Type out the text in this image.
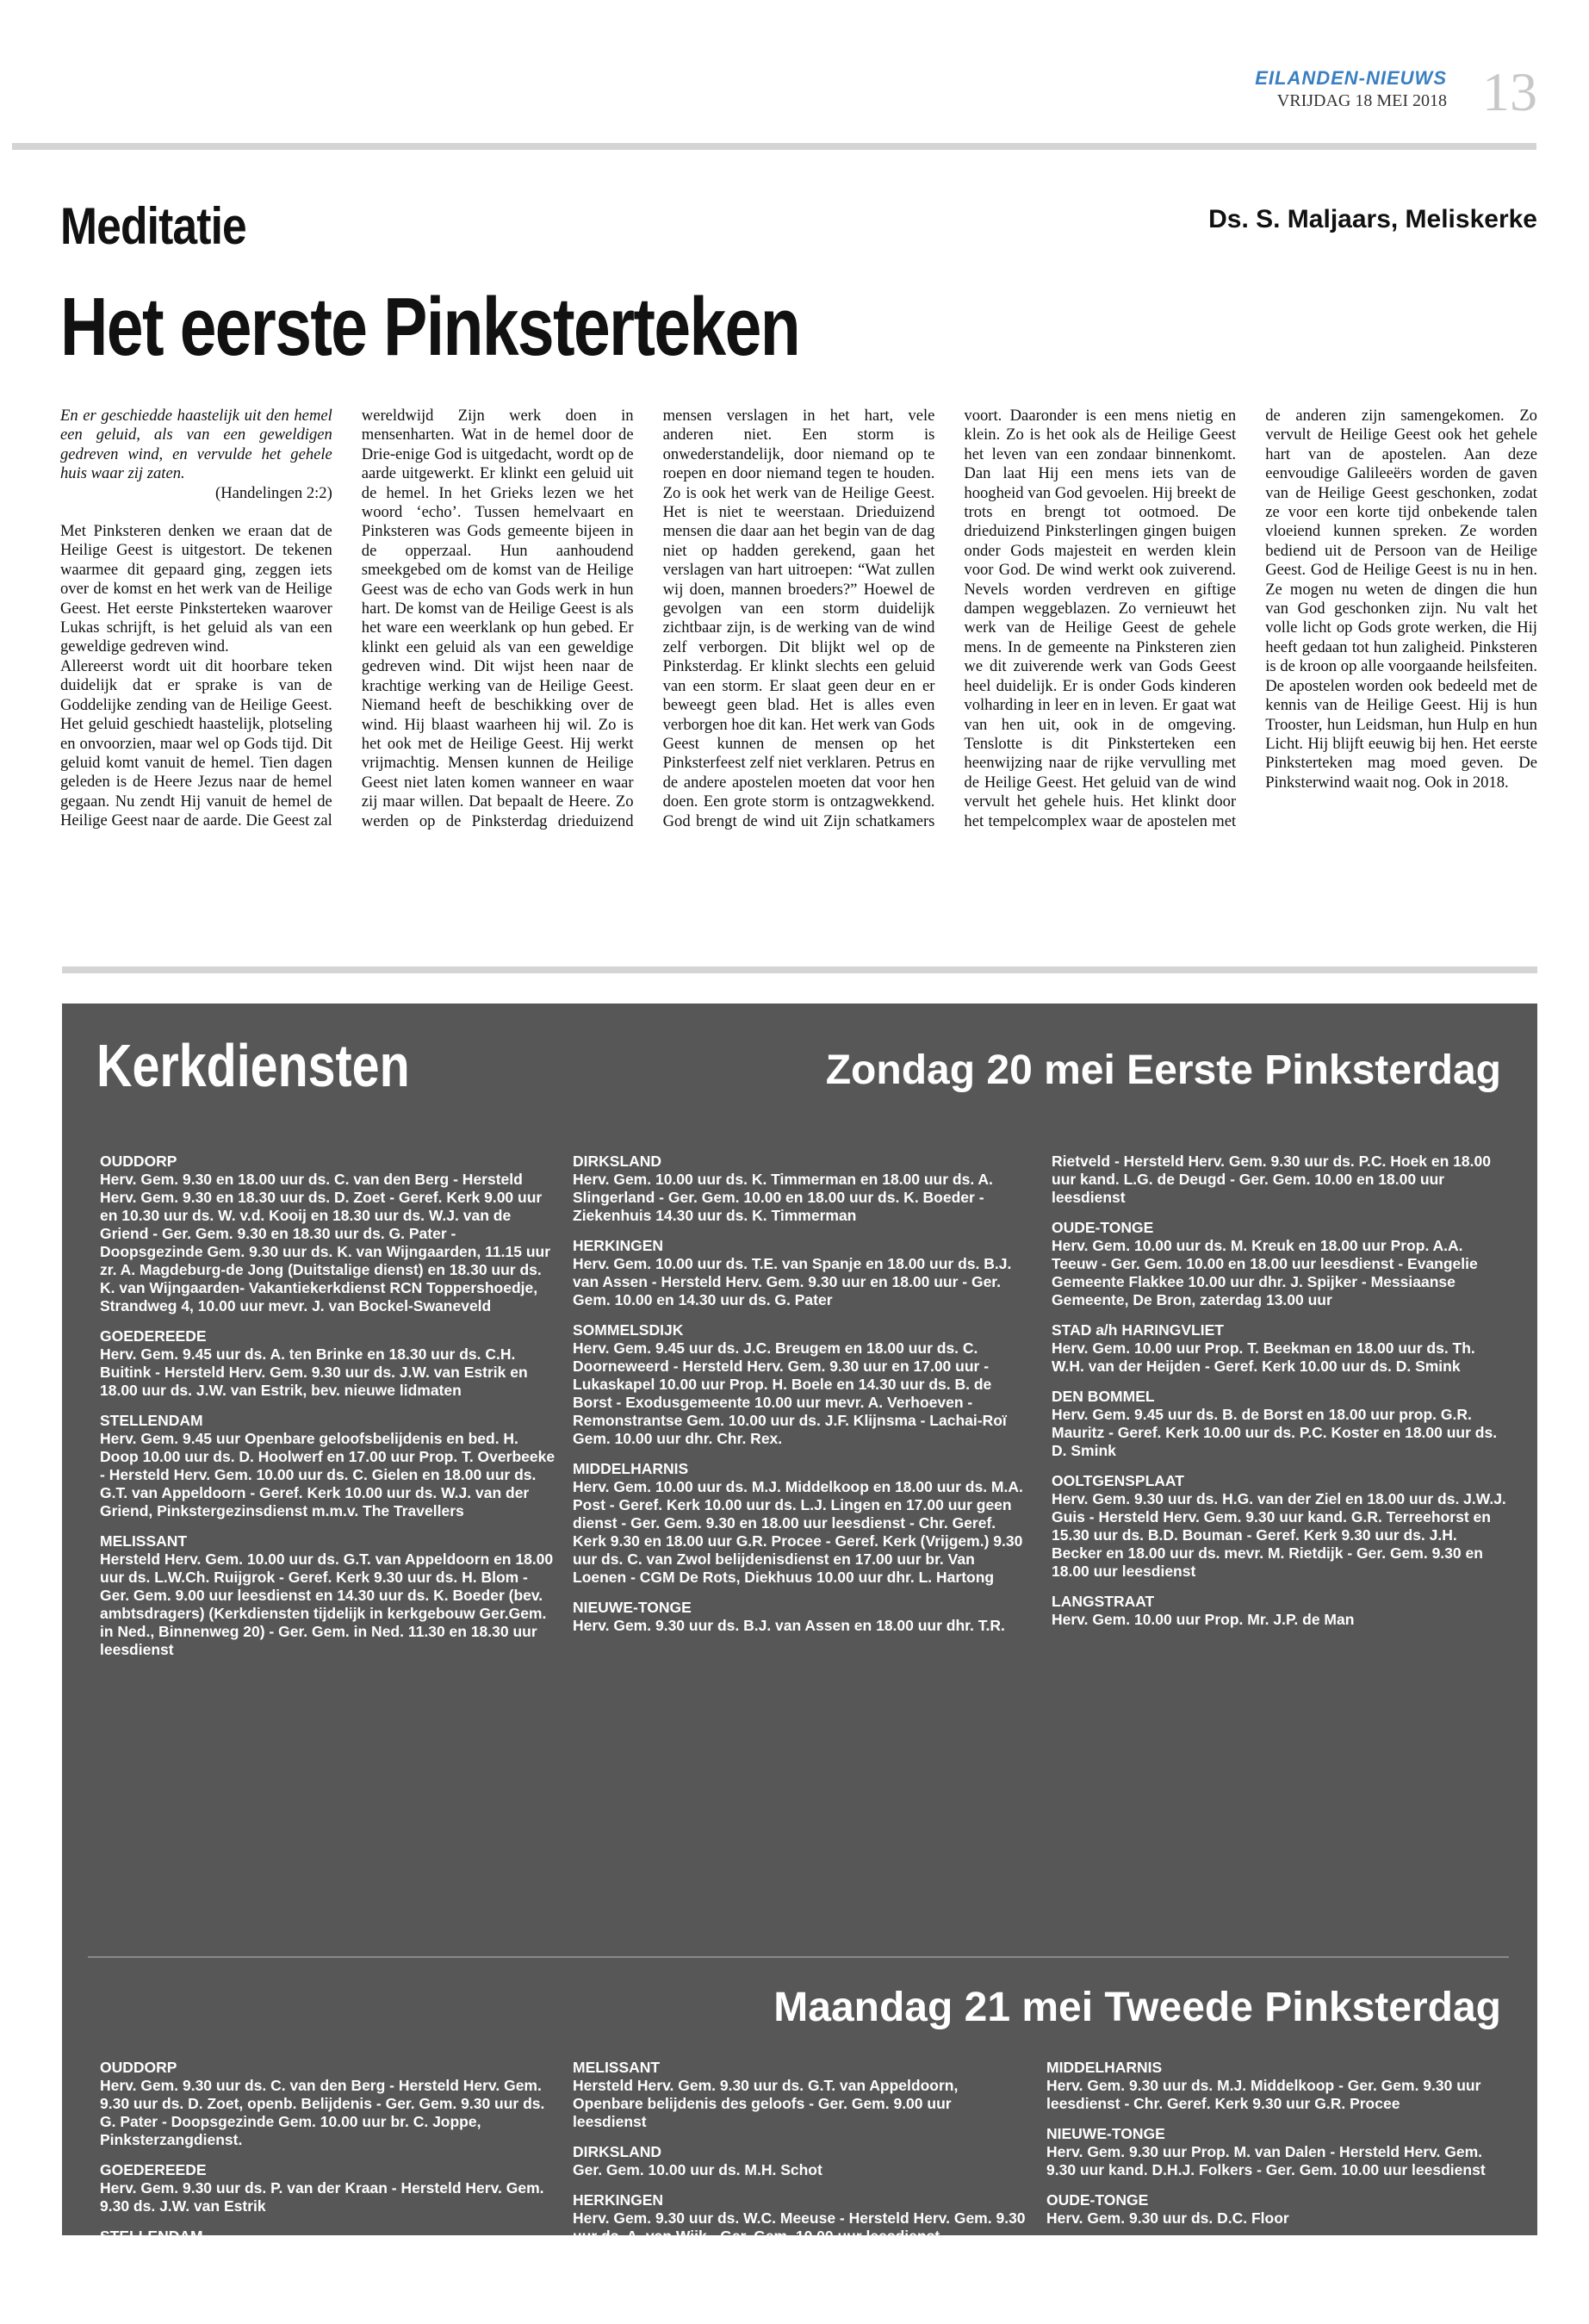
EILANDEN-NIEUWS
VRIJDAG 18 MEI 2018 13
Meditatie	Ds. S. Maljaars, Meliskerke
Het eerste Pinksterteken

En er geschiedde haastelijk uit den hemel een geluid, als van een geweldigen gedreven wind, en vervulde het gehele huis waar zij zaten.

(Handelingen 2:2)

Met Pinksteren denken we eraan dat de Heilige Geest is uitgestort. De tekenen waarmee dit gepaard ging, zeggen iets over de komst en het werk van de Heilige Geest. Het eerste Pinksterteken waarover Lukas schrijft, is het geluid als van een geweldige gedreven wind.

Allereerst wordt uit dit hoorbare teken duidelijk dat er sprake is van de Goddelijke zending van de Heilige Geest. Het geluid geschiedt haastelijk, plotseling en onvoorzien, maar wel op Gods tijd. Dit geluid komt vanuit de hemel. Tien dagen geleden is de Heere Jezus naar de hemel gegaan. Nu zendt Hij vanuit de hemel de Heilige Geest naar de aarde. Die Geest zal wereldwijd Zijn werk doen in mensenharten. Wat in de hemel door de Drie-enige God is uitgedacht, wordt op de aarde uitgewerkt. Er klinkt een geluid uit de hemel. In het Grieks lezen we het woord ‘echo’. Tussen hemelvaart en Pinksteren was Gods gemeente bijeen in de opperzaal. Hun aanhoudend smeekgebed om de komst van de Heilige Geest was de echo van Gods werk in hun hart. De komst van de Heilige Geest is als het ware een weerklank op hun gebed. Er klinkt een geluid als van een geweldige gedreven wind. Dit wijst heen naar de krachtige werking van de Heilige Geest. Niemand heeft de beschikking over de wind. Hij blaast waarheen hij wil. Zo is het ook met de Heilige Geest. Hij werkt vrijmachtig. Mensen kunnen de Heilige Geest niet laten komen wanneer en waar zij maar willen. Dat bepaalt de Heere. Zo werden op de Pinksterdag drieduizend mensen verslagen in het hart, vele anderen niet. Een storm is onwederstandelijk, door niemand op te roepen en door niemand tegen te houden. Zo is ook het werk van de Heilige Geest. Het is niet te weerstaan. Drieduizend mensen die daar aan het begin van de dag niet op hadden gerekend, gaan het verslagen van hart uitroepen: “Wat zullen wij doen, mannen broeders?” Hoewel de gevolgen van een storm duidelijk zichtbaar zijn, is de werking van de wind zelf verborgen. Dit blijkt wel op de Pinksterdag. Er klinkt slechts een geluid van een storm. Er slaat geen deur en er beweegt geen blad. Het is alles even verborgen hoe dit kan. Het werk van Gods Geest kunnen de mensen op het Pinksterfeest zelf niet verklaren. Petrus en de andere apostelen moeten dat voor hen doen. Een grote storm is ontzagwekkend. God brengt de wind uit Zijn schatkamers voort. Daaronder is een mens nietig en klein. Zo is het ook als de Heilige Geest het leven van een zondaar binnenkomt. Dan laat Hij een mens iets van de hoogheid van God gevoelen. Hij breekt de trots en brengt tot ootmoed. De drieduizend Pinksterlingen gingen buigen onder Gods majesteit en werden klein voor God. De wind werkt ook zuiverend. Nevels worden verdreven en giftige dampen weggeblazen. Zo vernieuwt het werk van de Heilige Geest de gehele mens. In de gemeente na Pinksteren zien we dit zuiverende werk van Gods Geest heel duidelijk. Er is onder Gods kinderen volharding in leer en in leven. Er gaat wat van hen uit, ook in de omgeving. Tenslotte is dit Pinksterteken een heenwijzing naar de rijke vervulling met de Heilige Geest. Het geluid van de wind vervult het gehele huis. Het klinkt door het tempelcomplex waar de apostelen met de anderen zijn samengekomen. Zo vervult de Heilige Geest ook het gehele hart van de apostelen. Aan deze eenvoudige Galileeërs worden de gaven van de Heilige Geest geschonken, zodat ze voor een korte tijd onbekende talen vloeiend kunnen spreken. Ze worden bediend uit de Persoon van de Heilige Geest. God de Heilige Geest is nu in hen. Ze mogen nu weten de dingen die hun van God geschonken zijn. Nu valt het volle licht op Gods grote werken, die Hij heeft gedaan tot hun zaligheid. Pinksteren is de kroon op alle voorgaande heilsfeiten. De apostelen worden ook bedeeld met de kennis van de Heilige Geest. Hij is hun Trooster, hun Leidsman, hun Hulp en hun Licht. Hij blijft eeuwig bij hen. Het eerste Pinksterteken mag moed geven. De Pinksterwind waait nog. Ook in 2018.

Kerkdiensten	Zondag 20 mei Eerste Pinksterdag
OUDDORP
Herv. Gem. 9.30 en 18.00 uur ds. C. van den Berg - Hersteld Herv. Gem. 9.30 en 18.30 uur ds. D. Zoet - Geref. Kerk 9.00 uur en 10.30 uur ds. W. v.d. Kooij en 18.30 uur ds. W.J. van de Griend - Ger. Gem. 9.30 en 18.30 uur ds. G. Pater - Doopsgezinde Gem. 9.30 uur ds. K. van Wijngaarden, 11.15 uur zr. A. Magdeburg-de Jong (Duitstalige dienst) en 18.30 uur ds. K. van Wijngaarden- Vakantiekerkdienst RCN Toppershoedje, Strandweg 4, 10.00 uur mevr. J. van Bockel-Swaneveld
GOEDEREEDE
Herv. Gem. 9.45 uur ds. A. ten Brinke en 18.30 uur ds. C.H. Buitink - Hersteld Herv. Gem. 9.30 uur ds. J.W. van Estrik en 18.00 uur ds. J.W. van Estrik, bev. nieuwe lidmaten
STELLENDAM
Herv. Gem. 9.45 uur Openbare geloofsbelijdenis en bed. H. Doop 10.00 uur ds. D. Hoolwerf en 17.00 uur Prop. T. Overbeeke - Hersteld Herv. Gem. 10.00 uur ds. C. Gielen en 18.00 uur ds. G.T. van Appeldoorn - Geref. Kerk 10.00 uur ds. W.J. van der Griend, Pinkstergezinsdienst m.m.v. The Travellers
MELISSANT
Hersteld Herv. Gem. 10.00 uur ds. G.T. van Appeldoorn en 18.00 uur ds. L.W.Ch. Ruijgrok - Geref. Kerk 9.30 uur ds. H. Blom - Ger. Gem. 9.00 uur leesdienst en 14.30 uur ds. K. Boeder (bev. ambtsdragers) (Kerkdiensten tijdelijk in kerkgebouw Ger.Gem. in Ned., Binnenweg 20) - Ger. Gem. in Ned. 11.30 en 18.30 uur leesdienst
DIRKSLAND
Herv. Gem. 10.00 uur ds. K. Timmerman en 18.00 uur ds. A. Slingerland - Ger. Gem. 10.00 en 18.00 uur ds. K. Boeder - Ziekenhuis 14.30 uur ds. K. Timmerman
HERKINGEN
Herv. Gem. 10.00 uur ds. T.E. van Spanje en 18.00 uur ds. B.J. van Assen - Hersteld Herv. Gem. 9.30 uur en 18.00 uur - Ger. Gem. 10.00 en 14.30 uur ds. G. Pater
SOMMELSDIJK
Herv. Gem. 9.45 uur ds. J.C. Breugem en 18.00 uur ds. C. Doorneweerd - Hersteld Herv. Gem. 9.30 uur en 17.00 uur - Lukaskapel 10.00 uur Prop. H. Boele en 14.30 uur ds. B. de Borst - Exodusgemeente 10.00 uur mevr. A. Verhoeven - Remonstrantse Gem. 10.00 uur ds. J.F. Klijnsma - Lachai-Roï Gem. 10.00 uur dhr. Chr. Rex.
MIDDELHARNIS
Herv. Gem. 10.00 uur ds. M.J. Middelkoop en 18.00 uur ds. M.A. Post - Geref. Kerk 10.00 uur ds. L.J. Lingen en 17.00 uur geen dienst - Ger. Gem. 9.30 en 18.00 uur leesdienst - Chr. Geref. Kerk 9.30 en 18.00 uur G.R. Procee - Geref. Kerk (Vrijgem.) 9.30 uur ds. C. van Zwol belijdenisdienst en 17.00 uur br. Van Loenen - CGM De Rots, Diekhuus 10.00 uur dhr. L. Hartong
NIEUWE-TONGE
Herv. Gem. 9.30 uur ds. B.J. van Assen en 18.00 uur dhr. T.R.
Rietveld - Hersteld Herv. Gem. 9.30 uur ds. P.C. Hoek en 18.00 uur kand. L.G. de Deugd - Ger. Gem. 10.00 en 18.00 uur leesdienst
OUDE-TONGE
Herv. Gem. 10.00 uur ds. M. Kreuk en 18.00 uur Prop. A.A. Teeuw - Ger. Gem. 10.00 en 18.00 uur leesdienst - Evangelie Gemeente Flakkee 10.00 uur dhr. J. Spijker - Messiaanse Gemeente, De Bron, zaterdag 13.00 uur
STAD a/h HARINGVLIET
Herv. Gem. 10.00 uur Prop. T. Beekman en 18.00 uur ds. Th. W.H. van der Heijden - Geref. Kerk 10.00 uur ds. D. Smink
DEN BOMMEL
Herv. Gem. 9.45 uur ds. B. de Borst en 18.00 uur prop. G.R. Mauritz - Geref. Kerk 10.00 uur ds. P.C. Koster en 18.00 uur ds. D. Smink
OOLTGENSPLAAT
Herv. Gem. 9.30 uur ds. H.G. van der Ziel en 18.00 uur ds. J.W.J. Guis - Hersteld Herv. Gem. 9.30 uur kand. G.R. Terreehorst en 15.30 uur ds. B.D. Bouman - Geref. Kerk 9.30 uur ds. J.H. Becker en 18.00 uur ds. mevr. M. Rietdijk - Ger. Gem. 9.30 en 18.00 uur leesdienst
LANGSTRAAT
Herv. Gem. 10.00 uur Prop. Mr. J.P. de Man
Maandag 21 mei Tweede Pinksterdag
OUDDORP
Herv. Gem. 9.30 uur ds. C. van den Berg - Hersteld Herv. Gem. 9.30 uur ds. D. Zoet, openb. Belijdenis - Ger. Gem. 9.30 uur ds. G. Pater - Doopsgezinde Gem. 10.00 uur br. C. Joppe, Pinksterzangdienst.
GOEDEREEDE
Herv. Gem. 9.30 uur ds. P. van der Kraan - Hersteld Herv. Gem. 9.30 ds. J.W. van Estrik
STELLENDAM
Herv. Gem. 9.30 uur ds. H. van Ginkel - Hersteld Herv. Gem. 9.30 uur kand. J.W Bonenberg
MELISSANT
Hersteld Herv. Gem. 9.30 uur ds. G.T. van Appeldoorn, Openbare belijdenis des geloofs - Ger. Gem. 9.00 uur leesdienst
DIRKSLAND
Ger. Gem. 10.00 uur ds. M.H. Schot
HERKINGEN
Herv. Gem. 9.30 uur ds. W.C. Meeuse - Hersteld Herv. Gem. 9.30 uur ds. A. van Wijk - Ger. Gem. 10.00 uur leesdienst
SOMMELSDIJK
Herv. Gem. 9.30 uur ds. G. van den Berg - Hersteld Herv. Gem. 9.30 uur ds. A. Kos, openbare belijdenis des geloofs
MIDDELHARNIS
Herv. Gem. 9.30 uur ds. M.J. Middelkoop - Ger. Gem. 9.30 uur leesdienst - Chr. Geref. Kerk 9.30 uur G.R. Procee
NIEUWE-TONGE
Herv. Gem. 9.30 uur Prop. M. van Dalen - Hersteld Herv. Gem. 9.30 uur kand. D.H.J. Folkers - Ger. Gem. 10.00 uur leesdienst
OUDE-TONGE
Herv. Gem. 9.30 uur ds. D.C. Floor
OOLTGENSPLAAT
Herv. Gem. 9.30 uur zangdienst - Hersteld Herv. Gem. 9.30 uur ds. G. Meuleman - Ger. Gem. 9.30 uur ds. A.J. Gunst
